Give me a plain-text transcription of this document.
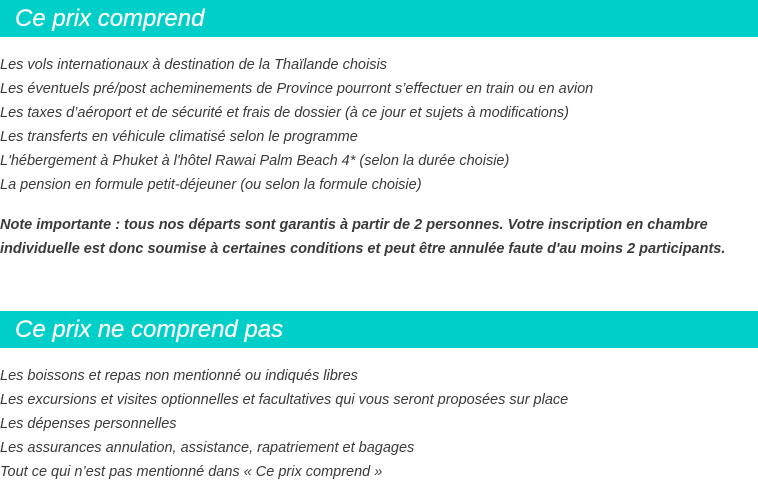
Ce prix comprend
Les vols internationaux à destination de la Thaïlande choisis
Les éventuels pré/post acheminements de Province pourront s’effectuer en train ou en avion
Les taxes d’aéroport et de sécurité et frais de dossier (à ce jour et sujets à modifications)
Les transferts en véhicule climatisé selon le programme
L'hébergement à Phuket à l'hôtel Rawai Palm Beach 4* (selon la durée choisie)
La pension en formule petit-déjeuner (ou selon la formule choisie)

Note importante : tous nos départs sont garantis à partir de 2 personnes. Votre inscription en chambre individuelle est donc soumise à certaines conditions et peut être annulée faute d'au moins 2 participants.

Ce prix ne comprend pas
Les boissons et repas non mentionné ou indiqués libres
Les excursions et visites optionnelles et facultatives qui vous seront proposées sur place
Les dépenses personnelles
Les assurances annulation, assistance, rapatriement et bagages
Tout ce qui n’est pas mentionné dans « Ce prix comprend »
